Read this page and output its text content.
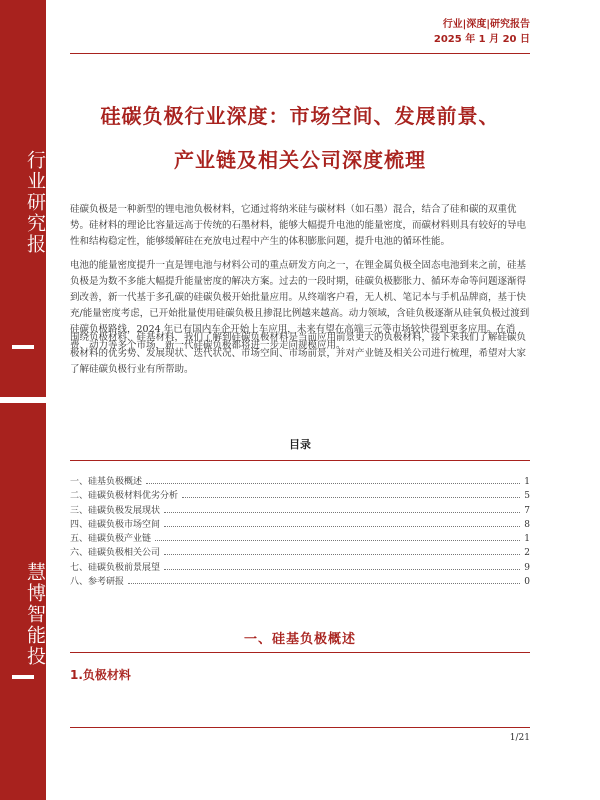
行业研究报
慧博智能投
行业|深度|研究报告
2025 年 1 月 20 日
硅碳负极行业深度：市场空间、发展前景、
产业链及相关公司深度梳理

硅碳负极是一种新型的锂电池负极材料，它通过将纳米硅与碳材料（如石墨）混合，结合了硅和碳的双重优势。硅材料的理论比容量远高于传统的石墨材料，能够大幅提升电池的能量密度，而碳材料则具有较好的导电性和结构稳定性，能够缓解硅在充放电过程中产生的体积膨胀问题，提升电池的循环性能。

电池的能量密度提升一直是锂电池与材料公司的重点研发方向之一，在锂金属负极全固态电池到来之前，硅基负极是为数不多能大幅提升能量密度的解决方案。过去的一段时期，硅碳负极膨胀力、循环寿命等问题逐渐得到改善，新一代基于多孔碳的硅碳负极开始批量应用。从终端客户看，无人机、笔记本与手机品牌商，基于快充/能量密度考虑，已开始批量使用硅碳负极且掺混比例越来越高。动力领域，含硅负极逐渐从硅氧负极过渡到硅碳负极路线，2024 年已有国内车企开始上车应用，未来有望在高端三元等市场较快得到更多应用。在消费、动力等多个市场，新一代硅碳负极都将进一步走向规模应用。

围绕负极材料、硅基材料，我们了解到硅碳负极材料是当前应用前景更大的负极材料，接下来我们了解硅碳负极材料的优劣势、发展现状、迭代状况、市场空间、市场前景，并对产业链及相关公司进行梳理，希望对大家了解硅碳负极行业有所帮助。

目录
一、硅基负极概述	1
二、硅碳负极材料优劣分析	5
三、硅碳负极发展现状	7
四、硅碳负极市场空间	8
五、硅碳负极产业链	1
六、硅碳负极相关公司	2
七、硅碳负极前景展望	9
八、参考研报	0
一、硅基负极概述
1.负极材料
1/21
